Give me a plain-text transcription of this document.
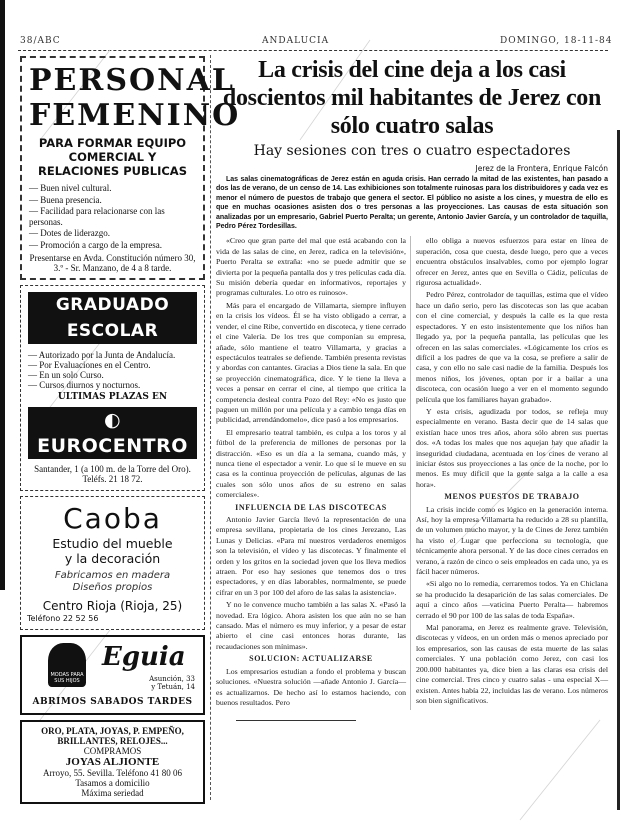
38/ABC	ANDALUCIA	DOMINGO, 18-11-84
PERSONAL
FEMENINO
PARA FORMAR EQUIPO COMERCIAL Y RELACIONES PUBLICAS
— Buen nivel cultural.
— Buena presencia.
— Facilidad para relacionarse con las personas.
— Dotes de liderazgo.
— Promoción a cargo de la empresa.
Presentarse en Avda. Constitución número 30, 3.º - Sr. Manzano, de 4 a 8 tarde.
GRADUADO ESCOLAR
— Autorizado por la Junta de Andalucía.
— Por Evaluaciones en el Centro.
— En un solo Curso.
— Cursos diurnos y nocturnos.
ULTIMAS PLAZAS EN
◐ EUROCENTRO
Santander, 1 (a 100 m. de la Torre del Oro). Teléfs. 21 18 72.
Caoba
Estudio del mueble
y la decoración
Fabricamos en madera
Diseños propios
Centro Rioja (Rioja, 25)
Teléfono 22 52 56
MODAS PARA SUS HIJOS
Eguia
Asunción, 33
y Tetuán, 14
ABRIMOS SABADOS TARDES
ORO, PLATA, JOYAS, P. EMPEÑO,
BRILLANTES, RELOJES...
COMPRAMOS
JOYAS ALJIONTE
Arroyo, 55. Sevilla. Teléfono 41 80 06
Tasamos a domicilio
Máxima seriedad
La crisis del cine deja a los casi doscientos mil habitantes de Jerez con sólo cuatro salas
Hay sesiones con tres o cuatro espectadores
Jerez de la Frontera, Enrique Falcón
Las salas cinematográficas de Jerez están en aguda crisis. Han cerrado la mitad de las existentes, han pasado a dos las de verano, de un censo de 14. Las exhibiciones son totalmente ruinosas para los distribuidores y cada vez es menor el número de puestos de trabajo que genera el sector. El público no asiste a los cines, y muestra de ello es que en muchas ocasiones asisten dos o tres personas a las proyecciones. Las causas de esta situación son analizadas por un empresario, Gabriel Puerto Peralta; un gerente, Antonio Javier García, y un controlador de taquilla, Pedro Pérez Tordesillas.

«Creo que gran parte del mal que está acabando con la vida de las salas de cine, en Jerez, radica en la televisión», Puerto Peralta se extraña: «no se puede admitir que se divierta por la pequeña pantalla dos y tres películas cada día. Su misión debería quedar en informativos, reportajes y programas culturales. Lo otro es ruinoso».

Más para el encargado de Villamarta, siempre influyen en la crisis los vídeos. Él se ha visto obligado a cerrar, a vender, el cine Ribe, convertido en discoteca, y tiene cerrado el cine Valería. De los tres que componían su empresa, añade, sólo mantiene el teatro Villamarta, y gracias a espectáculos teatrales se defiende. También presenta revistas y abordas con cantantes. Gracias a Dios tiene la sala. En que se proyección cinematográfica, dice. Y le tiene la lleva a veces a pensar en cerrar el cine, al tiempo que critica la competencia desleal contra Pozo del Rey: «No es justo que paguen un millón por una película y a cambio tenga días en publicidad, arrendándomelo», dice pasó a los empresarios.

El empresario teatral también, es culpa a los toros y al fútbol de la preferencia de millones de personas por la distracción. «Eso es un día a la semana, cuando más, y nunca tiene el espectador a venir. Lo que sí le mueve en su casa es la continua proyección de películas, algunas de las cuales son sólo unos años de su estreno en salas comerciales».

INFLUENCIA DE LAS DISCOTECAS

Antonio Javier García llevó la representación de una empresa sevillana, propietaria de los cines Jerezano, Las Lunas y Delicias. «Para mí nuestros verdaderos enemigos son la televisión, el vídeo y las discotecas. Y finalmente el orden y los gritos en la sociedad joven que los lleva medios atraen. Por eso hay sesiones que tenemos dos o tres espectadores, y en días laborables, normalmente, se puede cifrar en un 3 por 100 del aforo de las salas la asistencia».

Y no le convence mucho también a las salas X. «Pasó la novedad. Era lógico. Ahora asisten los que aún no se han cansado. Mas el número es muy inferior, y a pesar de estar abierto el cine casi entonces horas durante, las recaudaciones son mínimas».

SOLUCION: ACTUALIZARSE

Los empresarios estudian a fondo el problema y buscan soluciones. «Nuestra solución —añade Antonio J. García— es actualizarnos. De hecho así lo estamos haciendo, con buenos resultados. Pero

ello obliga a nuevos esfuerzos para estar en línea de superación, cosa que cuesta, desde luego, pero que a veces encuentra obstáculos insalvables, como por ejemplo lograr ofrecer en Jerez, antes que en Sevilla o Cádiz, películas de rigurosa actualidad».

Pedro Pérez, controlador de taquillas, estima que el vídeo hace un daño serio, pero las discotecas son las que acaban con el cine comercial, y después la calle es la que resta espectadores. Y en esto insistentemente que los niños han llegado ya, por la pequeña pantalla, las películas que les ofrecen en las salas comerciales. «Lógicamente los críos es difícil a los padres de que va la cosa, se prefiere a salir de casa, y con ello no sale casi nadie de la familia. Después los menos niños, los jóvenes, optan por ir a bailar a una discoteca, con ocasión luego a ver en el momento segundo película que los familiares hayan grabado».

Y esta crisis, agudizada por todos, se refleja muy especialmente en verano. Basta decir que de 14 salas que existían hace unos tres años, ahora sólo abren sus puertas dos. «A todas los males que nos aquejan hay que añadir la inseguridad ciudadana, acentuada en los cines de verano al iniciar éstos sus proyecciones a las once de la noche, por lo menos. Es muy difícil que la gente salga a la calle a esa hora».

MENOS PUESTOS DE TRABAJO

La crisis incide como es lógico en la generación interna. Así, hoy la empresa Villamarta ha reducido a 28 su plantilla, de un volumen mucho mayor, y la de Cines de Jerez también ha visto el Lugar que perfecciona su tecnología, que técnicamente ahora personal. Y de las doce cines cerrados en verano, a razón de cinco o seis empleados en cada uno, ya es fácil hacer números.

«Si algo no lo remedia, cerraremos todos. Ya en Chiclana se ha producido la desaparición de las salas comerciales. De aquí a cinco años —vaticina Puerto Peralta— habremos cerrado el 90 por 100 de las salas de toda España».

Mal panorama, en Jerez es realmente grave. Televisión, discotecas y vídeos, en un orden más o menos apreciado por los empresarios, son las causas de esta muerte de las salas comerciales. Y una población como Jerez, con casi los 200.000 habitantes ya, dice bien a las claras esa crisis del cine comercial. Tres cinco y cuatro salas - una especial X— existen. Antes había 22, incluidas las de verano. Los números son bien significativos.
